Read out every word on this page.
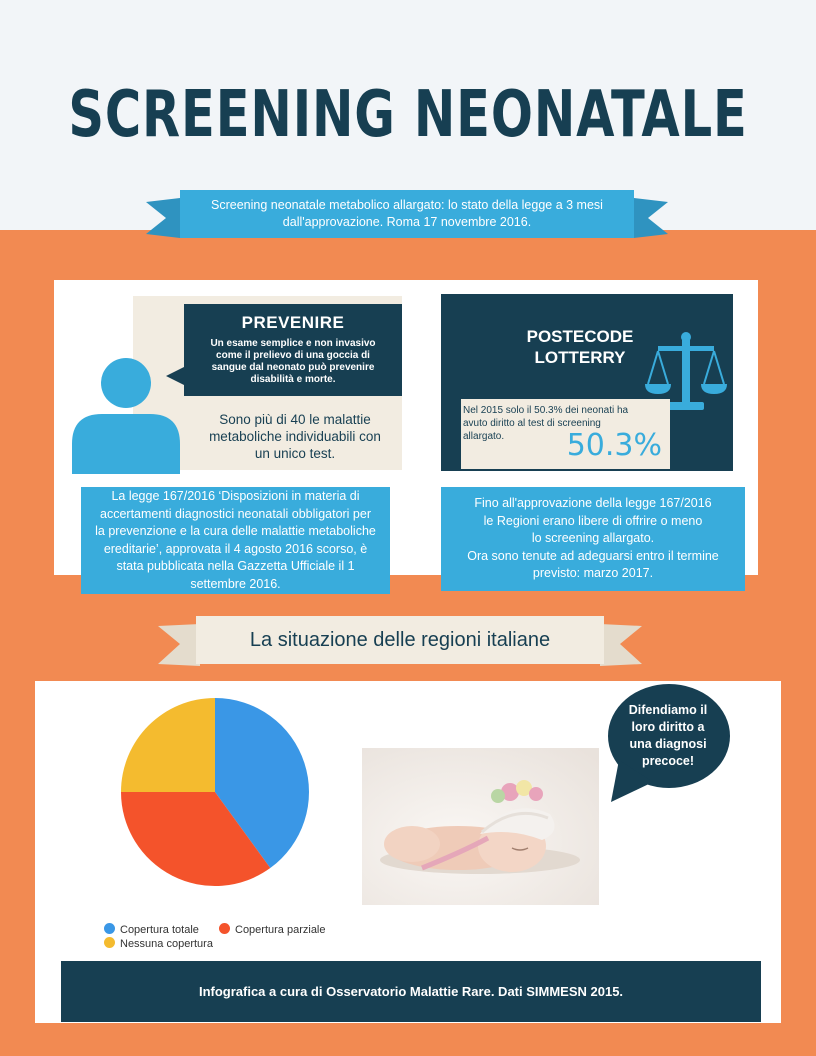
SCREENING NEONATALE
Screening neonatale metabolico allargato: lo stato della legge a 3 mesi
dall'approvazione. Roma 17 novembre 2016.
PREVENIRE
Un esame semplice e non invasivo come il prelievo di una goccia di sangue dal neonato può prevenire disabilità e morte.
Sono più di 40 le malattie metaboliche individuabili con un unico test.
POSTECODE
LOTTERRY
Nel 2015 solo il 50.3% dei neonati ha avuto diritto al test di screening allargato.	50.3%
La legge 167/2016 ‘Disposizioni in materia di accertamenti diagnostici neonatali obbligatori per la prevenzione e la cura delle malattie metaboliche ereditarie’, approvata il 4 agosto 2016 scorso, è stata pubblicata nella Gazzetta Ufficiale il 1 settembre 2016.
Fino all'approvazione della legge 167/2016
le Regioni erano libere di offrire o meno
lo screening allargato.
Ora sono tenute ad adeguarsi entro il termine
previsto: marzo 2017.
La situazione delle regioni italiane
Copertura totale	Copertura parziale
Nessuna copertura
Difendiamo il loro diritto a una diagnosi precoce!
Infografica a cura di Osservatorio Malattie Rare. Dati SIMMESN 2015.
